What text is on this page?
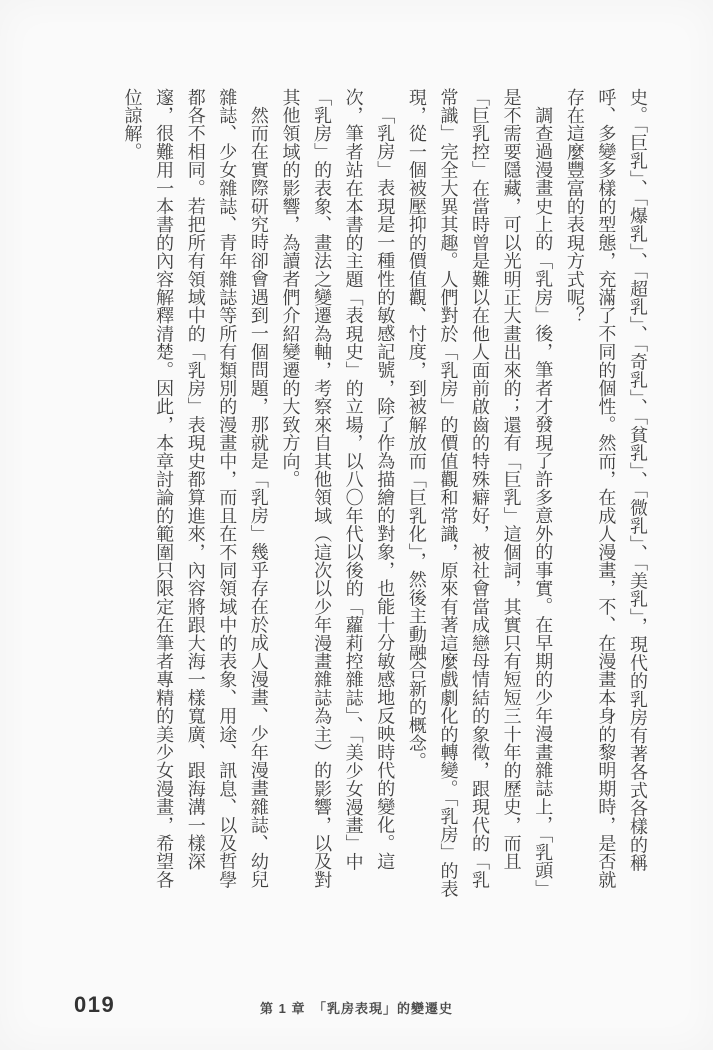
史。「巨乳」、「爆乳」、「超乳」、「奇乳」、「貧乳」、「微乳」、「美乳」，現代的乳房有著各式各樣的稱呼、多變多樣的型態，充滿了不同的個性。然而，在成人漫畫，不、在漫畫本身的黎明期時，是否就存在這麼豐富的表現方式呢？

調查過漫畫史上的「乳房」後，筆者才發現了許多意外的事實。在早期的少年漫畫雜誌上，「乳頭」是不需要隱藏，可以光明正大畫出來的；還有「巨乳」這個詞，其實只有短短三十年的歷史，而且「巨乳控」在當時曾是難以在他人面前啟齒的特殊癖好，被社會當成戀母情結的象徵，跟現代的「乳常識」完全大異其趣。人們對於「乳房」的價值觀和常識，原來有著這麼戲劇化的轉變。「乳房」的表現，從一個被壓抑的價值觀、忖度，到被解放而「巨乳化」，然後主動融合新的概念。

「乳房」表現是一種性的敏感記號，除了作為描繪的對象，也能十分敏感地反映時代的變化。這次，筆者站在本書的主題「表現史」的立場，以八〇年代以後的「蘿莉控雜誌」、「美少女漫畫」中「乳房」的表象、畫法之變遷為軸，考察來自其他領域（這次以少年漫畫雜誌為主）的影響，以及對其他領域的影響，為讀者們介紹變遷的大致方向。

然而在實際研究時卻會遇到一個問題，那就是「乳房」幾乎存在於成人漫畫、少年漫畫雜誌、幼兒雜誌、少女雜誌、青年雜誌等所有類別的漫畫中，而且在不同領域中的表象、用途、訊息、以及哲學都各不相同。若把所有領域中的「乳房」表現史都算進來，內容將跟大海一樣寬廣、跟海溝一樣深邃，很難用一本書的內容解釋清楚。因此，本章討論的範圍只限定在筆者專精的美少女漫畫，希望各位諒解。

019	第 1 章　「乳房表現」的變遷史
